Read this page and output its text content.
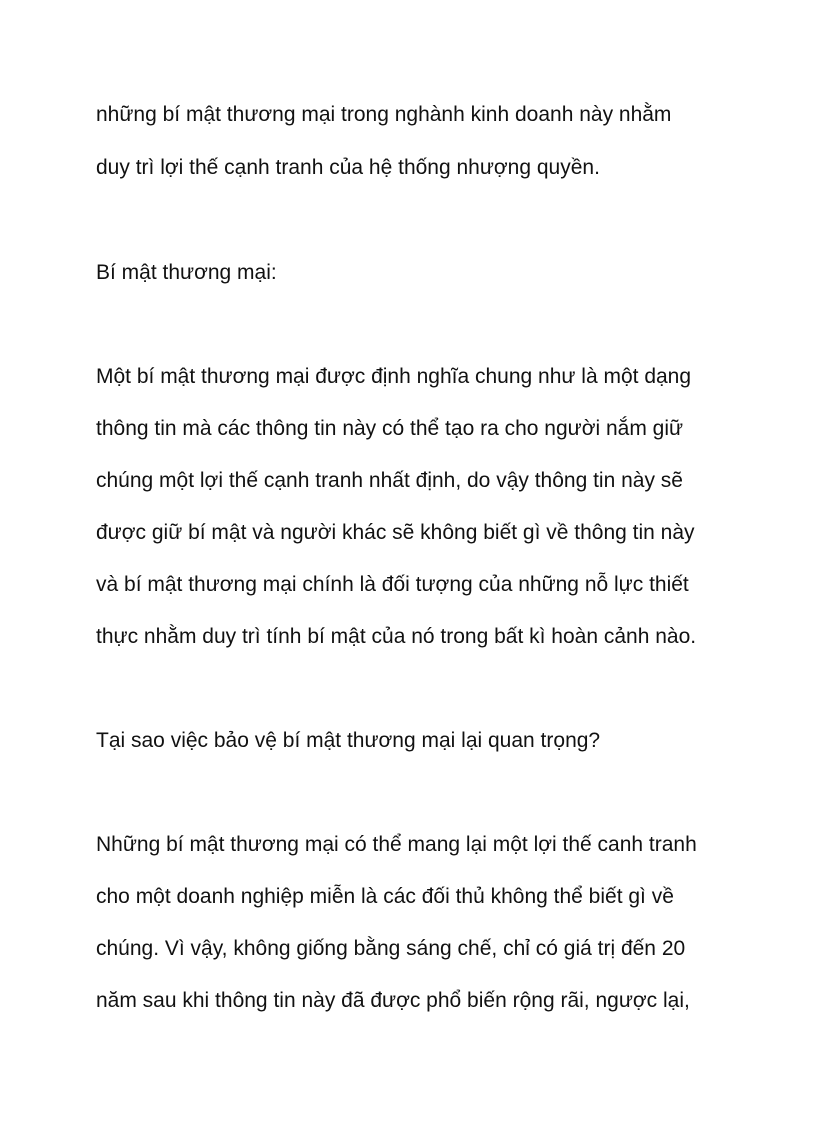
những bí mật thương mại trong nghành kinh doanh này nhằm

duy trì lợi thế cạnh tranh của hệ thống nhượng quyền.

Bí mật thương mại:

Một bí mật thương mại được định nghĩa chung như là một dạng

thông tin mà các thông tin này có thể tạo ra cho người nắm giữ

chúng một lợi thế cạnh tranh nhất định, do vậy thông tin này sẽ

được giữ bí mật và người khác sẽ không biết gì về thông tin này

và bí mật thương mại chính là đối tượng của những nỗ lực thiết

thực nhằm duy trì tính bí mật của nó trong bất kì hoàn cảnh nào.

Tại sao việc bảo vệ bí mật thương mại lại quan trọng?

Những bí mật thương mại có thể mang lại một lợi thế canh tranh

cho một doanh nghiệp miễn là các đối thủ không thể biết gì về

chúng. Vì vậy, không giống bằng sáng chế, chỉ có giá trị đến 20

năm sau khi thông tin này đã được phổ biến rộng rãi, ngược lại,
